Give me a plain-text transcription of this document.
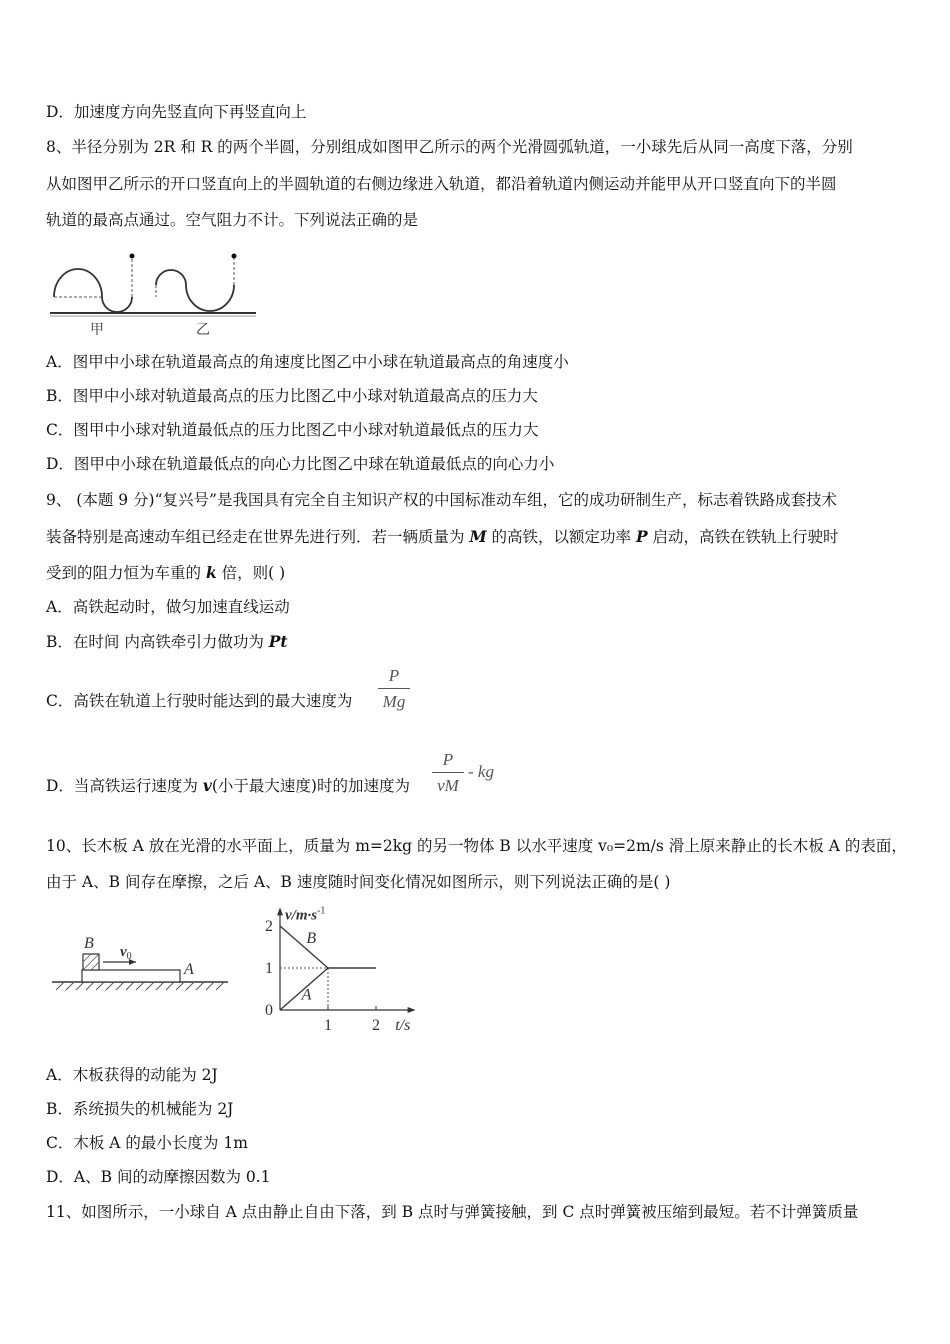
D．加速度方向先竖直向下再竖直向上
8、半径分别为 2R 和 R 的两个半圆，分别组成如图甲乙所示的两个光滑圆弧轨道，一小球先后从同一高度下落，分别
从如图甲乙所示的开口竖直向上的半圆轨道的右侧边缘进入轨道，都沿着轨道内侧运动并能甲从开口竖直向下的半圆
轨道的最高点通过。空气阻力不计。下列说法正确的是
甲	乙
A．图甲中小球在轨道最高点的角速度比图乙中小球在轨道最高点的角速度小
B．图甲中小球对轨道最高点的压力比图乙中小球对轨道最高点的压力大
C．图甲中小球对轨道最低点的压力比图乙中小球对轨道最低点的压力大
D．图甲中小球在轨道最低点的向心力比图乙中球在轨道最低点的向心力小
9、 (本题 9 分)“复兴号”是我国具有完全自主知识产权的中国标准动车组，它的成功研制生产，标志着铁路成套技术
装备特别是高速动车组已经走在世界先进行列．若一辆质量为 M 的高铁，以额定功率 P 启动，高铁在铁轨上行驶时
受到的阻力恒为车重的 k 倍，则( )
A．高铁起动时，做匀加速直线运动
B．在时间 内高铁牵引力做功为 Pt
C．高铁在轨道上行驶时能达到的最大速度为
P
Mg
D．当高铁运行速度为 v(小于最大速度)时的加速度为
P
vM
- kg
10、长木板 A 放在光滑的水平面上，质量为 m=2kg 的另一物体 B 以水平速度 v₀=2m/s 滑上原来静止的长木板 A 的表面，
由于 A、B 间存在摩擦，之后 A、B 速度随时间变化情况如图所示，则下列说法正确的是( )
B
A
$v_0$
0
1
2
1	2
B
A
$v/m\cdot s^{-1}$
t/s
A．木板获得的动能为 2J
B．系统损失的机械能为 2J
C．木板 A 的最小长度为 1m
D．A、B 间的动摩擦因数为 0.1
11、如图所示，一小球自 A 点由静止自由下落，到 B 点时与弹簧接触，到 C 点时弹簧被压缩到最短。若不计弹簧质量
